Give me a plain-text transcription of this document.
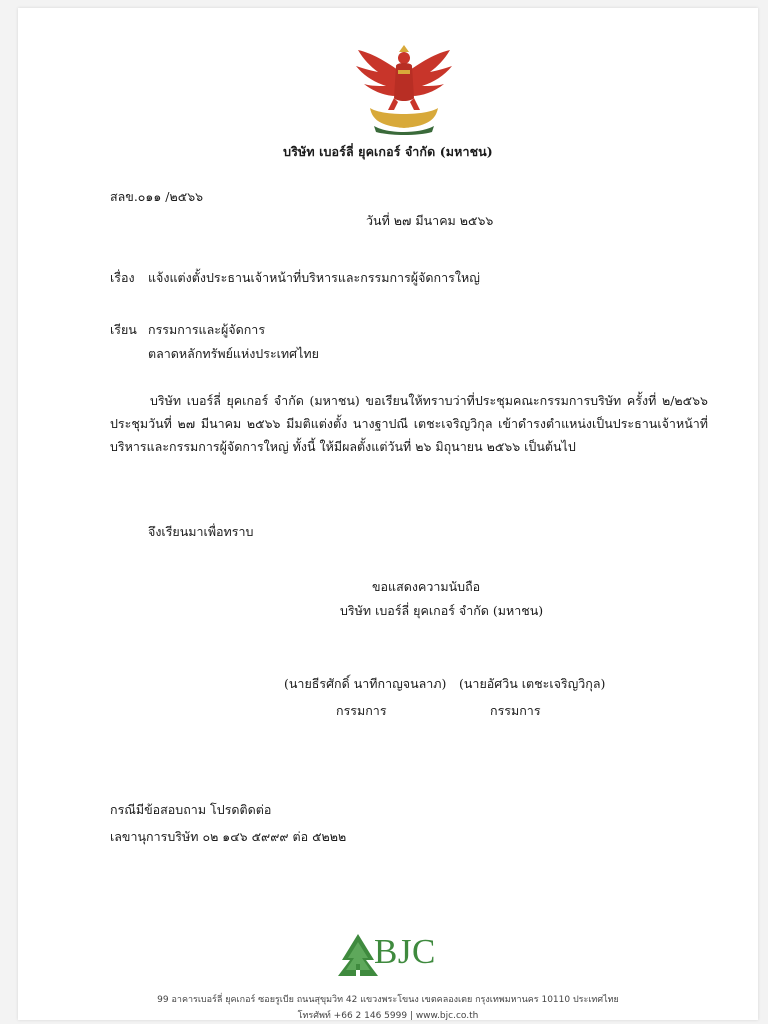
บริษัท เบอร์ลี่ ยุคเกอร์ จำกัด (มหาชน)
สลข.๐๑๑ /๒๕๖๖
วันที่ ๒๗ มีนาคม ๒๕๖๖
เรื่อง แจ้งแต่งตั้งประธานเจ้าหน้าที่บริหารและกรรมการผู้จัดการใหญ่
เรียน กรรมการและผู้จัดการ
ตลาดหลักทรัพย์แห่งประเทศไทย
บริษัท เบอร์ลี่ ยุคเกอร์ จำกัด (มหาชน) ขอเรียนให้ทราบว่าที่ประชุมคณะกรรมการบริษัท ครั้งที่ ๒/๒๕๖๖ ประชุมวันที่ ๒๗ มีนาคม ๒๕๖๖ มีมติแต่งตั้ง นางฐาปณี เตชะเจริญวิกุล เข้าดำรงตำแหน่งเป็นประธานเจ้าหน้าที่บริหารและกรรมการผู้จัดการใหญ่ ทั้งนี้ ให้มีผลตั้งแต่วันที่ ๒๖ มิถุนายน ๒๕๖๖ เป็นต้นไป
จึงเรียนมาเพื่อทราบ
ขอแสดงความนับถือ
บริษัท เบอร์ลี่ ยุคเกอร์ จำกัด (มหาชน)
(นายธีรศักดิ์ นาทีกาญจนลาภ)
กรรมการ
(นายอัศวิน เตชะเจริญวิกุล)
กรรมการ
กรณีมีข้อสอบถาม โปรดติดต่อ
เลขานุการบริษัท ๐๒ ๑๔๖ ๕๙๙๙ ต่อ ๕๒๒๒
BJC
99 อาคารเบอร์ลี่ ยุคเกอร์ ซอยรูเบีย ถนนสุขุมวิท 42 แขวงพระโขนง เขตคลองเตย กรุงเทพมหานคร 10110 ประเทศไทย
โทรศัพท์ +66 2 146 5999 | www.bjc.co.th
